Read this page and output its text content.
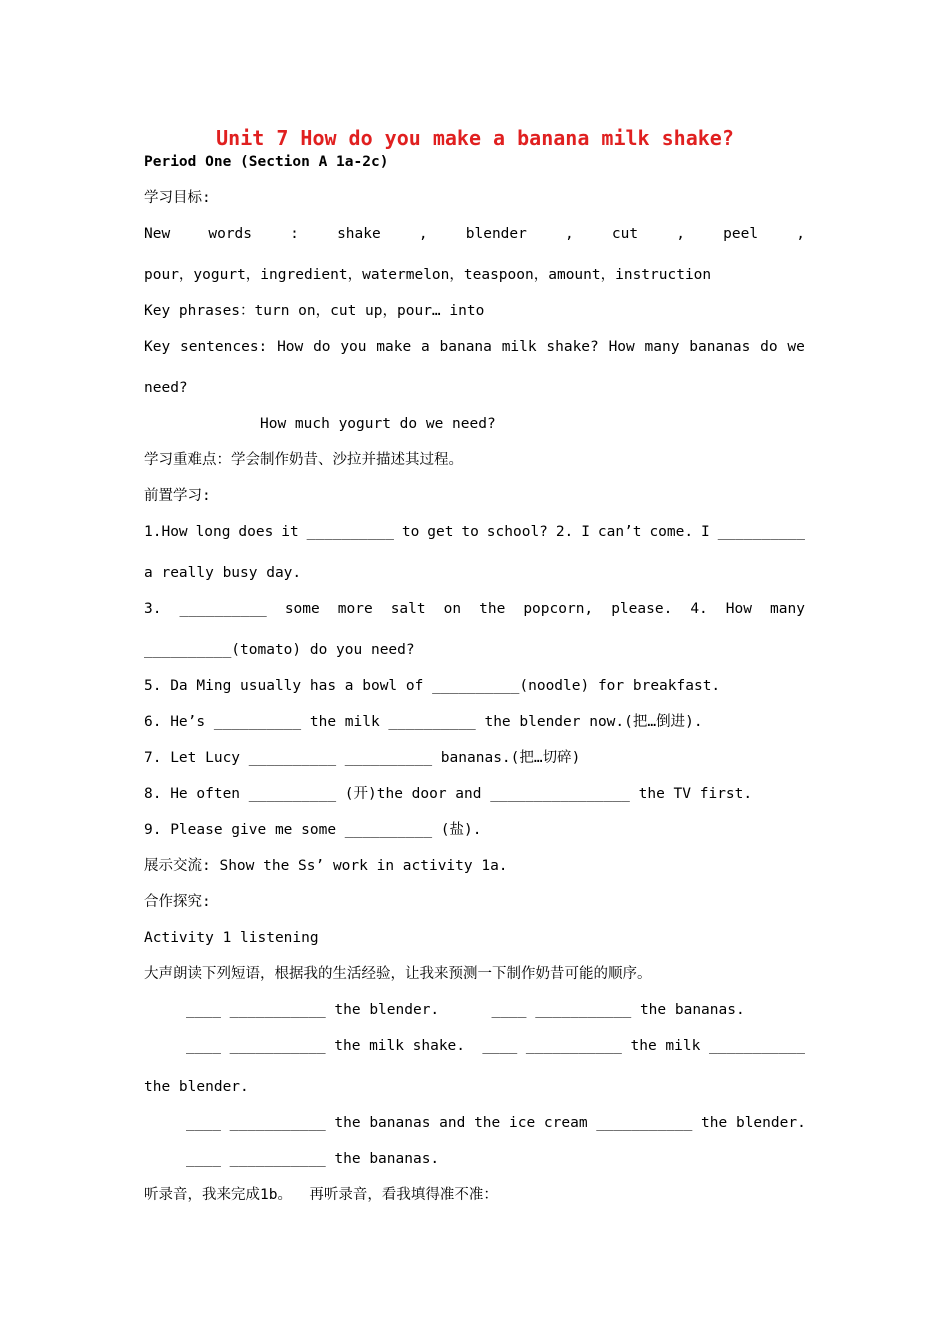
Unit 7 How do you make a banana milk shake?
Period One (Section A 1a-2c)
学习目标:
New	words	:	shake	,	blender	,	cut	,	peel	,
pour，yogurt，ingredient，watermelon，teaspoon，amount，instruction
Key phrases：turn on，cut up，pour… into
Key sentences: How do you make a banana milk shake? How many bananas do we
need?
How much yogurt do we need?
学习重难点：学会制作奶昔、沙拉并描述其过程。
前置学习:
1.How long does it __________ to get to school? 2. I can’t come. I __________
a really busy day.
3. __________ some more salt on the popcorn, please. 4. How many
__________(tomato) do you need?
5. Da Ming usually has a bowl of __________(noodle) for breakfast.
6. He’s __________ the milk __________ the blender now.(把…倒进).
7. Let Lucy __________ __________ bananas.(把…切碎)
8. He often __________ (开)the door and ________________ the TV first.
9. Please give me some __________ (盐).
展示交流: Show the Ss’ work in activity 1a.
合作探究:
Activity 1 listening
大声朗读下列短语，根据我的生活经验，让我来预测一下制作奶昔可能的顺序。
____ ___________ the blender.      ____ ___________ the bananas.
____ ___________ the milk shake. ____ ___________ the milk ___________
the blender.
____ ___________ the bananas and the ice cream ___________ the blender.
____ ___________ the bananas.
听录音，我来完成1b。  再听录音，看我填得准不准：
